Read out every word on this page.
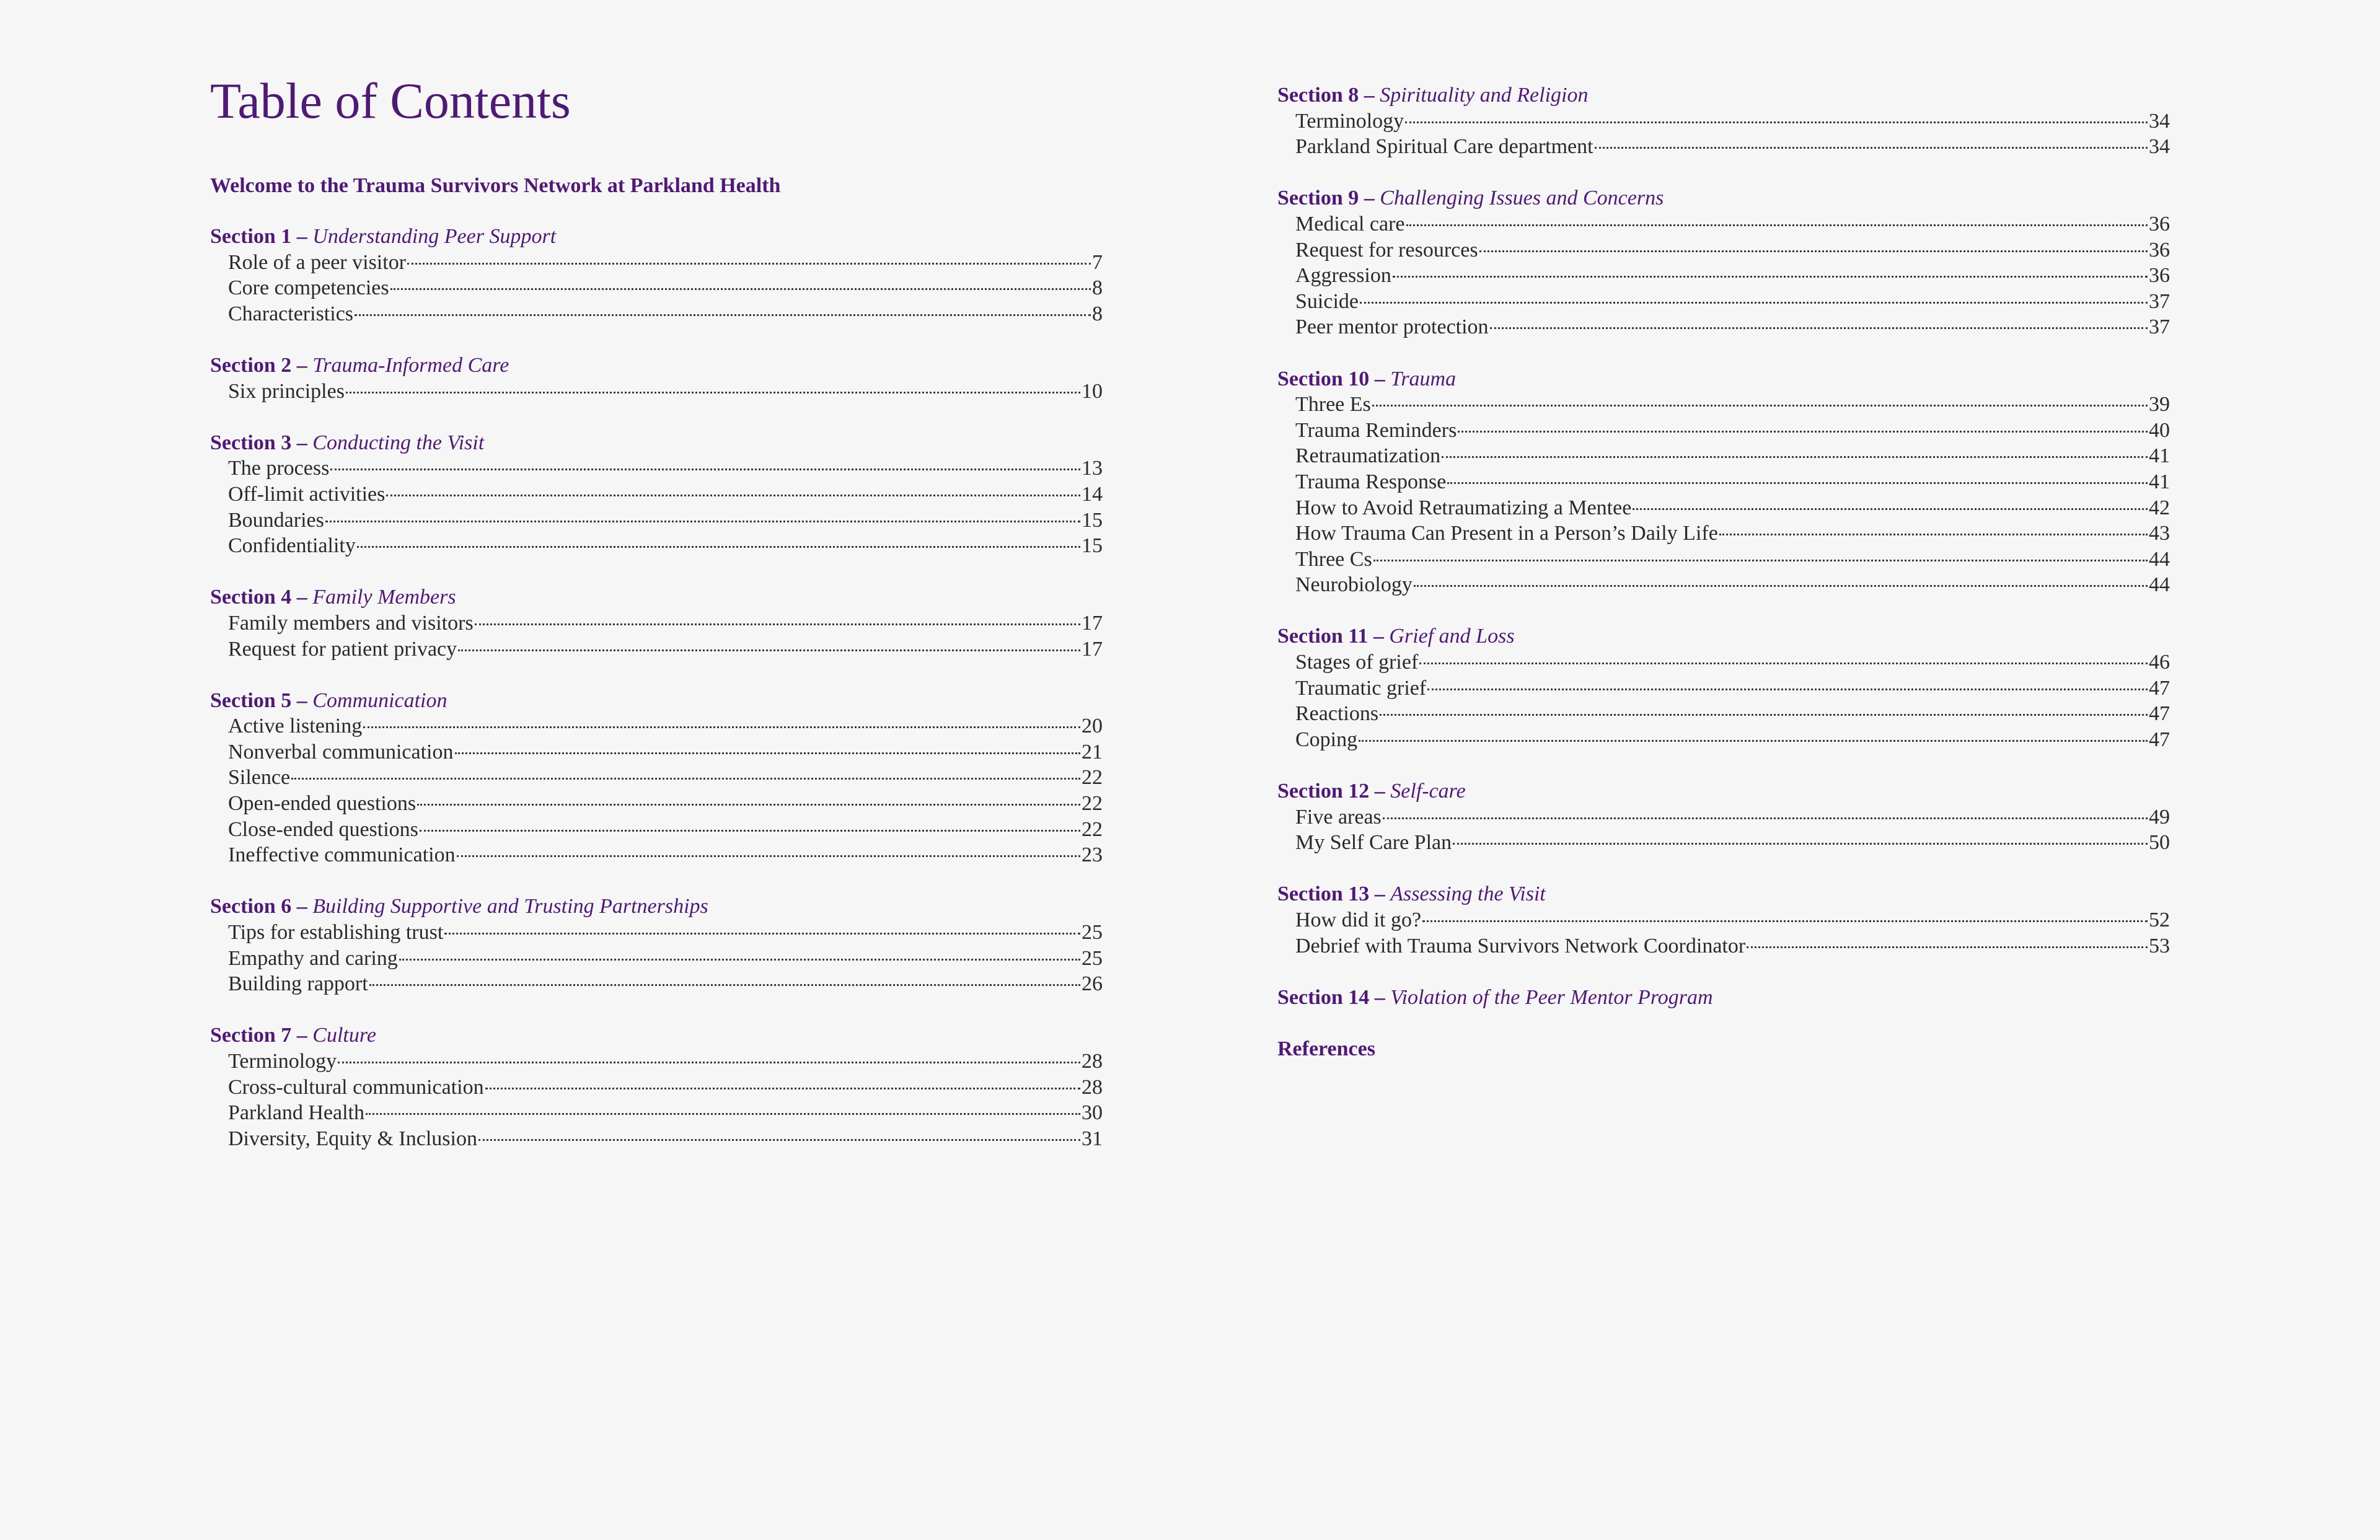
Table of Contents
Welcome to the Trauma Survivors Network at Parkland Health
Section 1 – Understanding Peer Support
Role of a peer visitor	7
Core competencies	8
Characteristics	8
Section 2 – Trauma-Informed Care
Six principles	10
Section 3 – Conducting the Visit
The process	13
Off-limit activities	14
Boundaries	15
Confidentiality	15
Section 4 – Family Members
Family members and visitors	17
Request for patient privacy	17
Section 5 – Communication
Active listening	20
Nonverbal communication	21
Silence	22
Open-ended questions	22
Close-ended questions	22
Ineffective communication	23
Section 6 – Building Supportive and Trusting Partnerships
Tips for establishing trust	25
Empathy and caring	25
Building rapport	26
Section 7 – Culture
Terminology	28
Cross-cultural communication	28
Parkland Health	30
Diversity, Equity & Inclusion	31
Section 8 – Spirituality and Religion
Terminology	34
Parkland Spiritual Care department	34
Section 9 – Challenging Issues and Concerns
Medical care	36
Request for resources	36
Aggression	36
Suicide	37
Peer mentor protection	37
Section 10 – Trauma
Three Es	39
Trauma Reminders	40
Retraumatization	41
Trauma Response	41
How to Avoid Retraumatizing a Mentee	42
How Trauma Can Present in a Person’s Daily Life	43
Three Cs	44
Neurobiology	44
Section 11 – Grief and Loss
Stages of grief	46
Traumatic grief	47
Reactions	47
Coping	47
Section 12 – Self-care
Five areas	49
My Self Care Plan	50
Section 13 – Assessing the Visit
How did it go?	52
Debrief with Trauma Survivors Network Coordinator	53
Section 14 – Violation of the Peer Mentor Program
References
